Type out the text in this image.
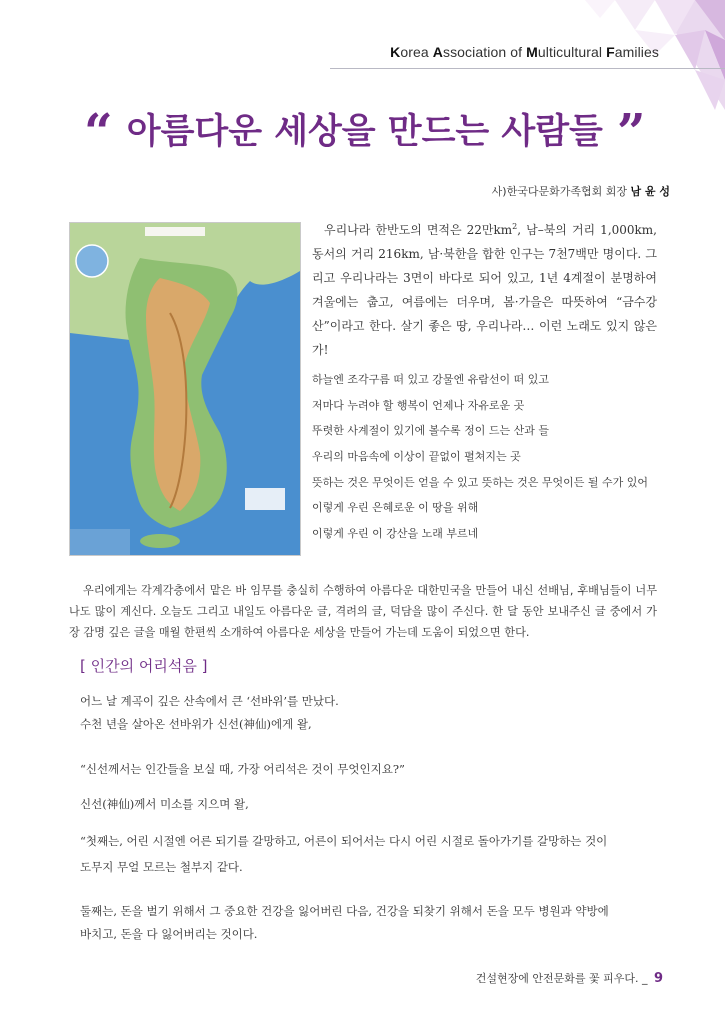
Korea Association of Multicultural Families
“ 아름다운 세상을 만드는 사람들 ”
사)한국다문화가족협회 회장 남 윤 성

우리나라 한반도의 면적은 22만$km^2$, 남–북의 거리 1,000km, 동서의 거리 216km, 남·북한을 합한 인구는 7천7백만 명이다. 그리고 우리나라는 3면이 바다로 되어 있고, 1년 4계절이 분명하여 겨울에는 춥고, 여름에는 더우며, 봄·가을은 따뜻하여 “금수강산”이라고 한다. 살기 좋은 땅, 우리나라… 이런 노래도 있지 않은가!

하늘엔 조각구름 떠 있고 강물엔 유람선이 떠 있고
저마다 누려야 할 행복이 언제나 자유로운 곳
뚜렷한 사계절이 있기에 볼수록 정이 드는 산과 들
우리의 마음속에 이상이 끝없이 펼쳐지는 곳
뜻하는 것은 무엇이든 얻을 수 있고 뜻하는 것은 무엇이든 될 수가 있어
이렇게 우린 은혜로운 이 땅을 위해
이렇게 우린 이 강산을 노래 부르네

우리에게는 각계각층에서 맡은 바 임무를 충실히 수행하여 아름다운 대한민국을 만들어 내신 선배님, 후배님들이 너무나도 많이 계신다. 오늘도 그리고 내일도 아름다운 글, 격려의 글, 덕담을 많이 주신다. 한 달 동안 보내주신 글 중에서 가장 감명 깊은 글을 매월 한편씩 소개하여 아름다운 세상을 만들어 가는데 도움이 되었으면 한다.

[ 인간의 어리석음 ]

어느 날 계곡이 깊은 산속에서 큰 ‘선바위’를 만났다.

수천 년을 살아온 선바위가 신선(神仙)에게 왈,

“신선께서는 인간들을 보실 때, 가장 어리석은 것이 무엇인지요?”

신선(神仙)께서 미소를 지으며 왈,

“첫째는, 어린 시절엔 어른 되기를 갈망하고, 어른이 되어서는 다시 어린 시절로 돌아가기를 갈망하는 것이

도무지 무얼 모르는 철부지 같다.

둘째는, 돈을 벌기 위해서 그 중요한 건강을 잃어버린 다음, 건강을 되찾기 위해서 돈을 모두 병원과 약방에

바치고, 돈을 다 잃어버리는 것이다.

건설현장에 안전문화를 꽃 피우다. _ 9
